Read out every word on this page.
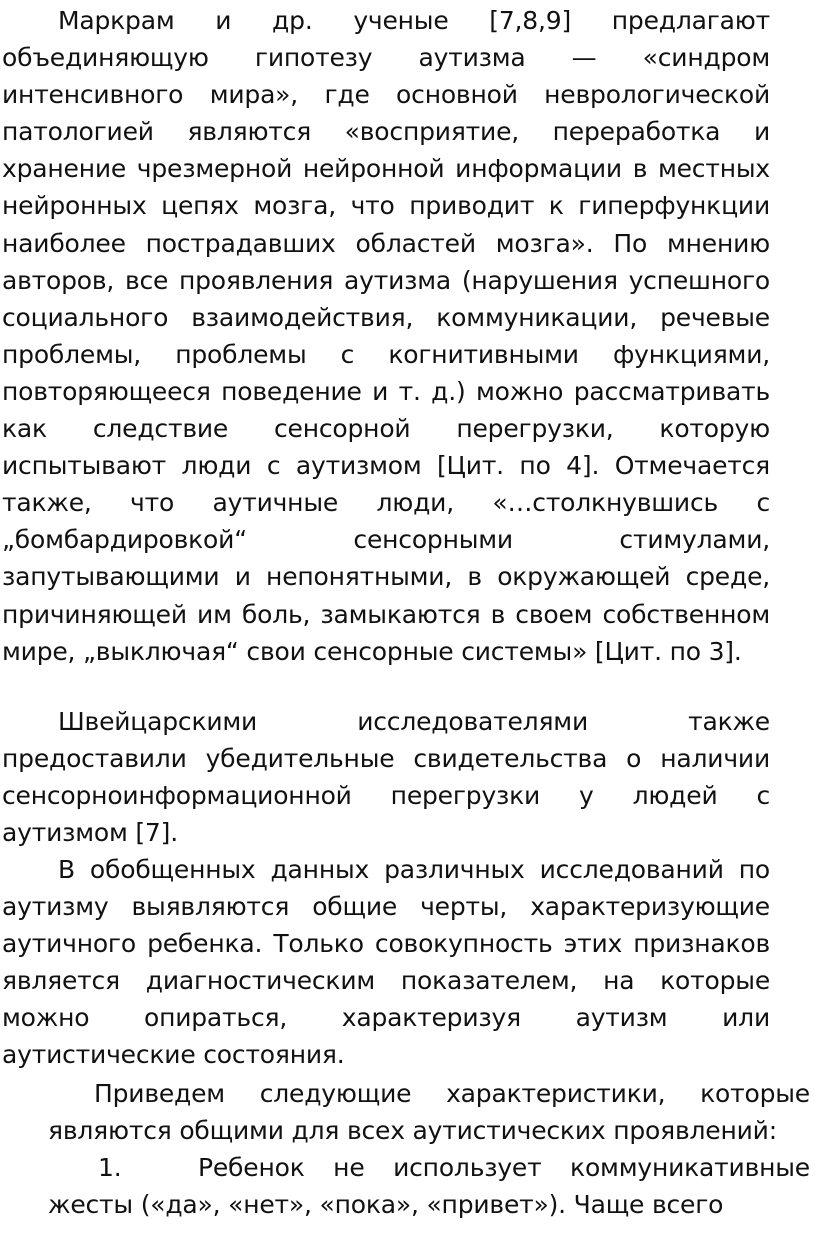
Маркрам и др. ученые [7,8,9] предлагают объединяющую гипотезу аутизма — «синдром интенсивного мира», где основной неврологической патологией являются «восприятие, переработка и хранение чрезмерной нейронной информации в местных нейронных цепях мозга, что приводит к гиперфункции наиболее пострадавших областей мозга». По мнению авторов, все проявления аутизма (нарушения успешного социального взаимодействия, коммуникации, речевые проблемы, проблемы с когнитивными функциями, повторяющееся поведение и т. д.) можно рассматривать как следствие сенсорной перегрузки, которую испытывают люди с аутизмом [Цит. по 4]. Отмечается также, что аутичные люди, «…столкнувшись с „бомбардировкой“ сенсорными стимулами, запутывающими и непонятными, в окружающей среде, причиняющей им боль, замыкаются в своем собственном мире, „выключая“ свои сенсорные системы» [Цит. по 3].

Швейцарскими исследователями также предоставили убедительные свидетельства о наличии сенсорноинформационной перегрузки у людей с аутизмом [7].

В обобщенных данных различных исследований по аутизму выявляются общие черты, характеризующие аутичного ребенка. Только совокупность этих признаков является диагностическим показателем, на которые можно опираться, характеризуя аутизм или аутистические состояния.

Приведем следующие характеристики, которые являются общими для всех аутистических проявлений:

1.	Ребенок не использует коммуникативные жесты («да», «нет», «пока», «привет»). Чаще всего
